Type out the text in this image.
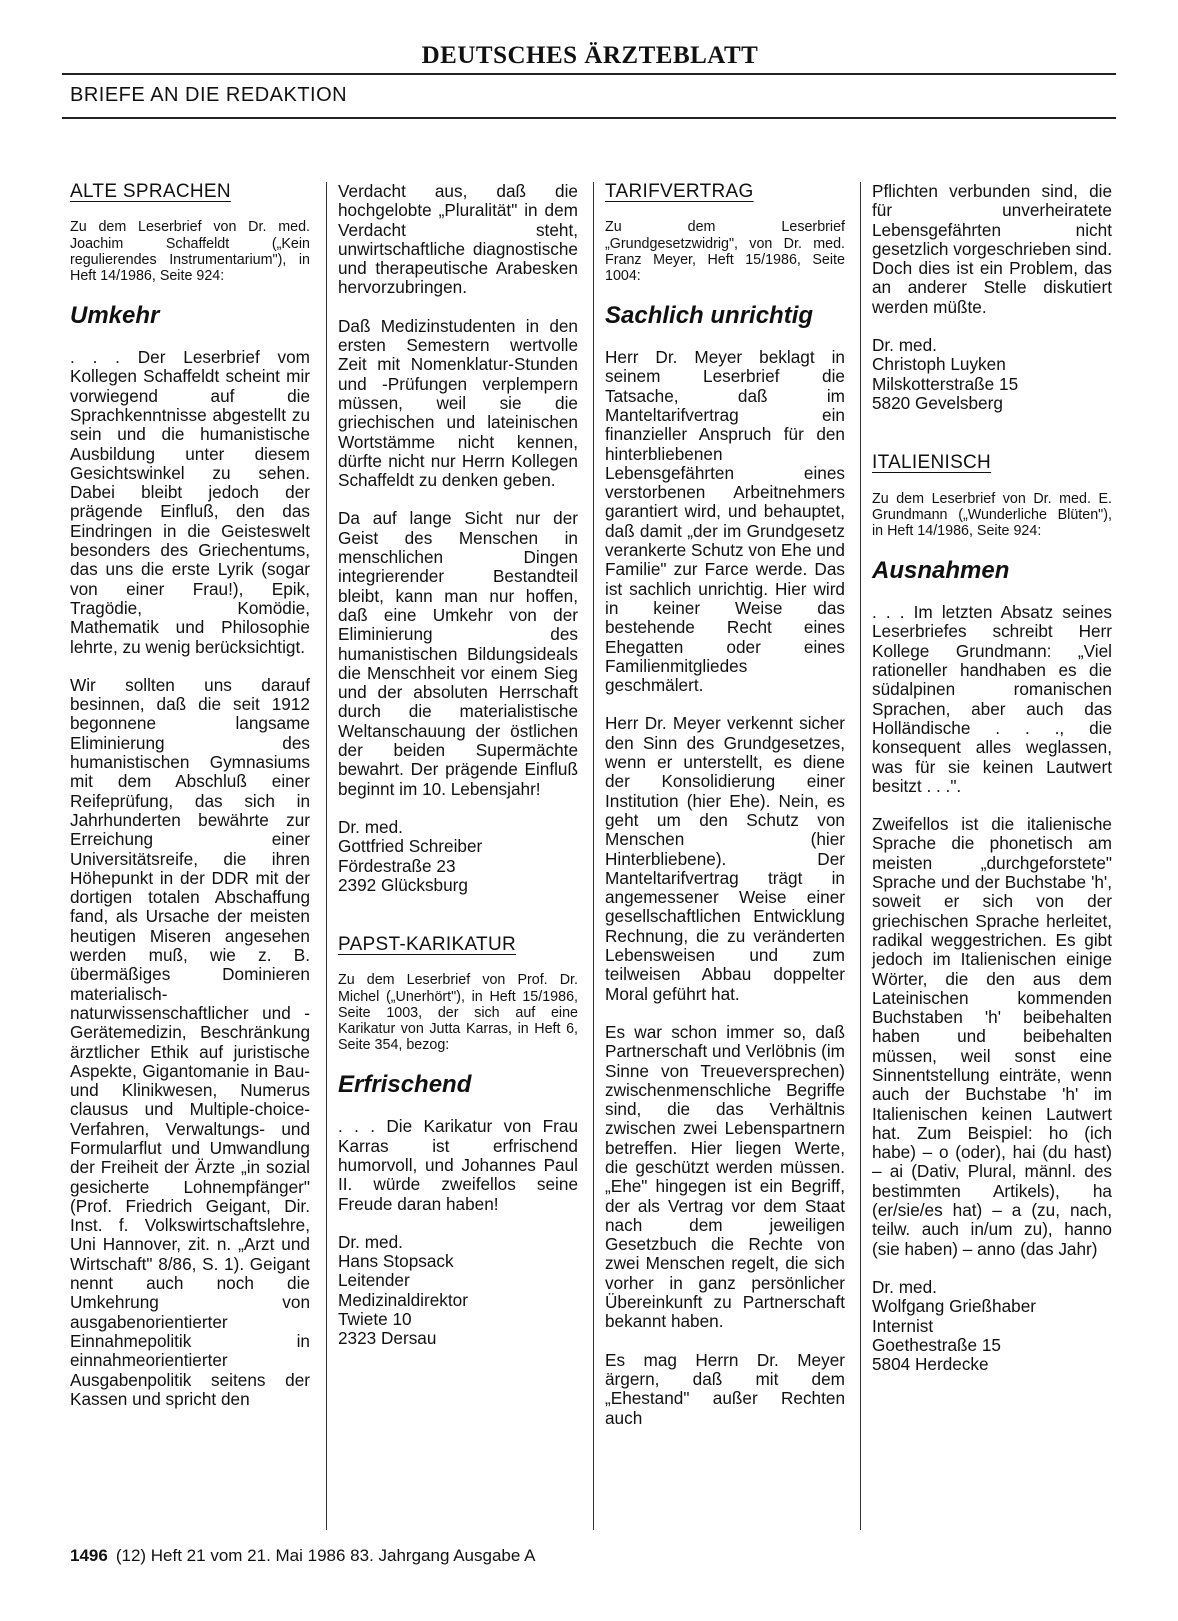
DEUTSCHES ÄRZTEBLATT
BRIEFE AN DIE REDAKTION
ALTE SPRACHEN
Zu dem Leserbrief von Dr. med. Joachim Schaffeldt („Kein regulierendes Instrumentarium"), in Heft 14/1986, Seite 924:
Umkehr
. . . Der Leserbrief vom Kollegen Schaffeldt scheint mir vorwiegend auf die Sprachkenntnisse abgestellt zu sein und die humanistische Ausbildung unter diesem Gesichtswinkel zu sehen. Dabei bleibt jedoch der prägende Einfluß, den das Eindringen in die Geisteswelt besonders des Griechentums, das uns die erste Lyrik (sogar von einer Frau!), Epik, Tragödie, Komödie, Mathematik und Philosophie lehrte, zu wenig berücksichtigt.
Wir sollten uns darauf besinnen, daß die seit 1912 begonnene langsame Eliminierung des humanistischen Gymnasiums mit dem Abschluß einer Reifeprüfung, das sich in Jahrhunderten bewährte zur Erreichung einer Universitätsreife, die ihren Höhepunkt in der DDR mit der dortigen totalen Abschaffung fand, als Ursache der meisten heutigen Miseren angesehen werden muß, wie z. B. übermäßiges Dominieren materialisch-naturwissenschaftlicher und -Gerätemedizin, Beschränkung ärztlicher Ethik auf juristische Aspekte, Gigantomanie in Bau- und Klinikwesen, Numerus clausus und Multiple-choice-Verfahren, Verwaltungs- und Formularflut und Umwandlung der Freiheit der Ärzte „in sozial gesicherte Lohnempfänger" (Prof. Friedrich Geigant, Dir. Inst. f. Volkswirtschaftslehre, Uni Hannover, zit. n. „Arzt und Wirtschaft" 8/86, S. 1). Geigant nennt auch noch die Umkehrung von ausgabenorientierter Einnahmepolitik in einnahmeorientierter Ausgabenpolitik seitens der Kassen und spricht den
Verdacht aus, daß die hochgelobte „Pluralität" in dem Verdacht steht, unwirtschaftliche diagnostische und therapeutische Arabesken hervorzubringen.
Daß Medizinstudenten in den ersten Semestern wertvolle Zeit mit Nomenklatur-Stunden und -Prüfungen verplempern müssen, weil sie die griechischen und lateinischen Wortstämme nicht kennen, dürfte nicht nur Herrn Kollegen Schaffeldt zu denken geben.
Da auf lange Sicht nur der Geist des Menschen in menschlichen Dingen integrierender Bestandteil bleibt, kann man nur hoffen, daß eine Umkehr von der Eliminierung des humanistischen Bildungsideals die Menschheit vor einem Sieg und der absoluten Herrschaft durch die materialistische Weltanschauung der östlichen der beiden Supermächte bewahrt. Der prägende Einfluß beginnt im 10. Lebensjahr!
Dr. med.
Gottfried Schreiber
Fördestraße 23
2392 Glücksburg
PAPST-KARIKATUR
Zu dem Leserbrief von Prof. Dr. Michel („Unerhört"), in Heft 15/1986, Seite 1003, der sich auf eine Karikatur von Jutta Karras, in Heft 6, Seite 354, bezog:
Erfrischend
. . . Die Karikatur von Frau Karras ist erfrischend humorvoll, und Johannes Paul II. würde zweifellos seine Freude daran haben!
Dr. med.
Hans Stopsack
Leitender
Medizinaldirektor
Twiete 10
2323 Dersau
TARIFVERTRAG
Zu dem Leserbrief „Grundgesetzwidrig", von Dr. med. Franz Meyer, Heft 15/1986, Seite 1004:
Sachlich unrichtig
Herr Dr. Meyer beklagt in seinem Leserbrief die Tatsache, daß im Manteltarifvertrag ein finanzieller Anspruch für den hinterbliebenen Lebensgefährten eines verstorbenen Arbeitnehmers garantiert wird, und behauptet, daß damit „der im Grundgesetz verankerte Schutz von Ehe und Familie" zur Farce werde. Das ist sachlich unrichtig. Hier wird in keiner Weise das bestehende Recht eines Ehegatten oder eines Familienmitgliedes geschmälert.
Herr Dr. Meyer verkennt sicher den Sinn des Grundgesetzes, wenn er unterstellt, es diene der Konsolidierung einer Institution (hier Ehe). Nein, es geht um den Schutz von Menschen (hier Hinterbliebene). Der Manteltarifvertrag trägt in angemessener Weise einer gesellschaftlichen Entwicklung Rechnung, die zu veränderten Lebensweisen und zum teilweisen Abbau doppelter Moral geführt hat.
Es war schon immer so, daß Partnerschaft und Verlöbnis (im Sinne von Treueversprechen) zwischenmenschliche Begriffe sind, die das Verhältnis zwischen zwei Lebenspartnern betreffen. Hier liegen Werte, die geschützt werden müssen. „Ehe" hingegen ist ein Begriff, der als Vertrag vor dem Staat nach dem jeweiligen Gesetzbuch die Rechte von zwei Menschen regelt, die sich vorher in ganz persönlicher Übereinkunft zu Partnerschaft bekannt haben.
Es mag Herrn Dr. Meyer ärgern, daß mit dem „Ehestand" außer Rechten auch
Pflichten verbunden sind, die für unverheiratete Lebensgefährten nicht gesetzlich vorgeschrieben sind. Doch dies ist ein Problem, das an anderer Stelle diskutiert werden müßte.
Dr. med.
Christoph Luyken
Milskotterstraße 15
5820 Gevelsberg
ITALIENISCH
Zu dem Leserbrief von Dr. med. E. Grundmann („Wunderliche Blüten"), in Heft 14/1986, Seite 924:
Ausnahmen
. . . Im letzten Absatz seines Leserbriefes schreibt Herr Kollege Grundmann: „Viel rationeller handhaben es die südalpinen romanischen Sprachen, aber auch das Holländische . . ., die konsequent alles weglassen, was für sie keinen Lautwert besitzt . . .".
Zweifellos ist die italienische Sprache die phonetisch am meisten „durchgeforstete" Sprache und der Buchstabe 'h', soweit er sich von der griechischen Sprache herleitet, radikal weggestrichen. Es gibt jedoch im Italienischen einige Wörter, die den aus dem Lateinischen kommenden Buchstaben 'h' beibehalten haben und beibehalten müssen, weil sonst eine Sinnentstellung einträte, wenn auch der Buchstabe 'h' im Italienischen keinen Lautwert hat. Zum Beispiel: ho (ich habe) – o (oder), hai (du hast) – ai (Dativ, Plural, männl. des bestimmten Artikels), ha (er/sie/es hat) – a (zu, nach, teilw. auch in/um zu), hanno (sie haben) – anno (das Jahr)
Dr. med.
Wolfgang Grießhaber
Internist
Goethestraße 15
5804 Herdecke
1496 (12) Heft 21 vom 21. Mai 1986 83. Jahrgang Ausgabe A
